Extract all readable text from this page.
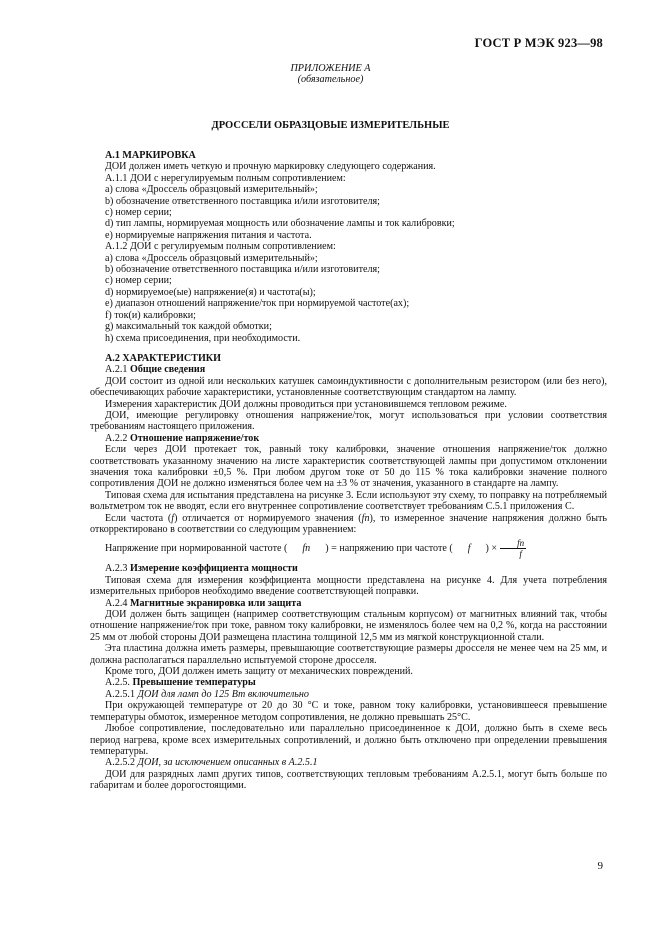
ГОСТ Р МЭК 923—98
ПРИЛОЖЕНИЕ А
(обязательное)
ДРОССЕЛИ ОБРАЗЦОВЫЕ ИЗМЕРИТЕЛЬНЫЕ

А.1 МАРКИРОВКА

ДОИ должен иметь четкую и прочную маркировку следующего содержания.

А.1.1 ДОИ с нерегулируемым полным сопротивлением:

a) слова «Дроссель образцовый измерительный»;

b) обозначение ответственного поставщика и/или изготовителя;

c) номер серии;

d) тип лампы, нормируемая мощность или обозначение лампы и ток калибровки;

e) нормируемые напряжения питания и частота.

А.1.2 ДОИ с регулируемым полным сопротивлением:

a) слова «Дроссель образцовый измерительный»;

b) обозначение ответственного поставщика и/или изготовителя;

c) номер серии;

d) нормируемое(ые) напряжение(я) и частота(ы);

e) диапазон отношений напряжение/ток при нормируемой частоте(ах);

f) ток(и) калибровки;

g) максимальный ток каждой обмотки;

h) схема присоединения, при необходимости.

А.2 ХАРАКТЕРИСТИКИ

А.2.1 Общие сведения

ДОИ состоит из одной или нескольких катушек самоиндуктивности с дополнительным резистором (или без него), обеспечивающих рабочие характеристики, установленные соответствующим стандартом на лампу.

Измерения характеристик ДОИ должны проводиться при установившемся тепловом режиме.

ДОИ, имеющие регулировку отношения напряжение/ток, могут использоваться при условии соответствия требованиям настоящего приложения.

А.2.2 Отношение напряжение/ток

Если через ДОИ протекает ток, равный току калибровки, значение отношения напряжение/ток должно соответствовать указанному значению на листе характеристик соответствующей лампы при допустимом отклонении значения тока калибровки ±0,5 %. При любом другом токе от 50 до 115 % тока калибровки значение полного сопротивления ДОИ не должно изменяться более чем на ±3 % от значения, указанного в стандарте на лампу.

Типовая схема для испытания представлена на рисунке 3. Если используют эту схему, то поправку на потребляемый вольтметром ток не вводят, если его внутреннее сопротивление соответствует требованиям С.5.1 приложения С.

Если частота (f) отличается от нормируемого значения (fn), то измеренное значение напряжения должно быть откорректировано в соответствии со следующим уравнением:

Напряжение при нормированной частоте (	fn	) = напряжению при частоте (	f	) × $\frac{fn}{f}$

А.2.3 Измерение коэффициента мощности

Типовая схема для измерения коэффициента мощности представлена на рисунке 4. Для учета потребления измерительных приборов необходимо введение соответствующей поправки.

А.2.4 Магнитные экранировка или защита

ДОИ должен быть защищен (например соответствующим стальным корпусом) от магнитных влияний так, чтобы отношение напряжение/ток при токе, равном току калибровки, не изменялось более чем на 0,2 %, когда на расстоянии 25 мм от любой стороны ДОИ размещена пластина толщиной 12,5 мм из мягкой конструкционной стали.

Эта пластина должна иметь размеры, превышающие соответствующие размеры дросселя не менее чем на 25 мм, и должна располагаться параллельно испытуемой стороне дросселя.

Кроме того, ДОИ должен иметь защиту от механических повреждений.

А.2.5. Превышение температуры

А.2.5.1 ДОИ для ламп до 125 Вт включительно

При окружающей температуре от 20 до 30 °С и токе, равном току калибровки, установившееся превышение температуры обмоток, измеренное методом сопротивления, не должно превышать 25°С.

Любое сопротивление, последовательно или параллельно присоединенное к ДОИ, должно быть в схеме весь период нагрева, кроме всех измерительных сопротивлений, и должно быть отключено при определении превышения температуры.

А.2.5.2 ДОИ, за исключением описанных в А.2.5.1

ДОИ для разрядных ламп других типов, соответствующих тепловым требованиям А.2.5.1, могут быть больше по габаритам и более дорогостоящими.

9
